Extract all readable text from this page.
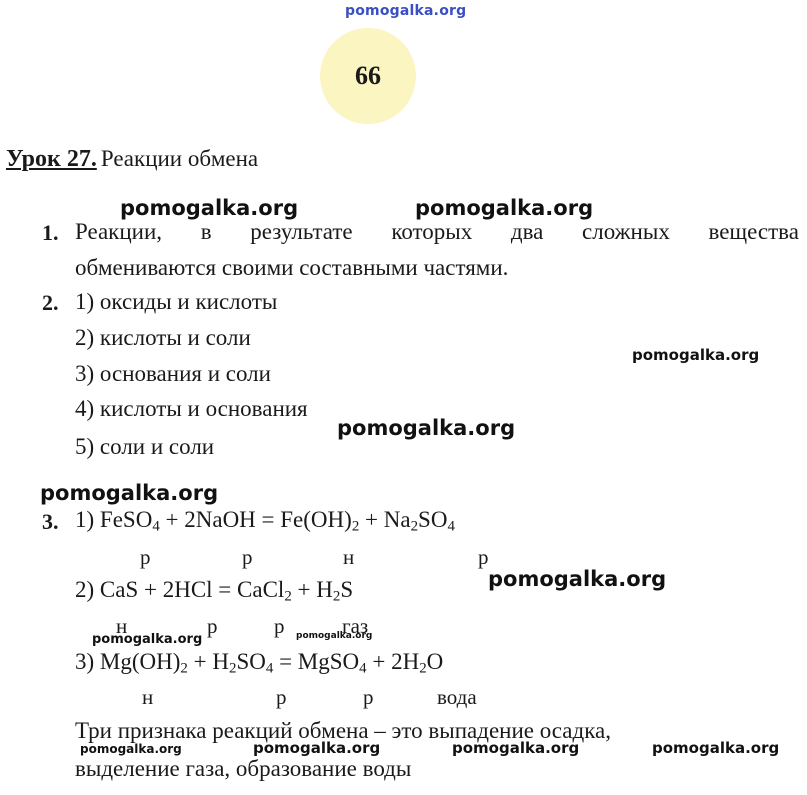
pomogalka.org
66
Урок 27. Реакции обмена
pomogalka.org	pomogalka.org
1. Реакции, в результате которых два сложных вещества
обмениваются своими составными частями.
2. 1) оксиды и кислоты
2) кислоты и соли
3) основания и соли
4) кислоты и основания
5) соли и соли
pomogalka.org
pomogalka.org
pomogalka.org
3. 1) FeSO$_4$ + 2NaOH = $Fe(OH)_2 + Na_2SO_4$
р	р	н	р
pomogalka.org
2) CaS + 2HCl = CaCl$_2$ + $H_2S$
н	р	р	газ
pomogalka.org	pomogalka.org
3) $Mg(OH)_2 + H_2SO_4$ = MgSO$_4$ + $2H_2O$
н	р	р	вода
Три признака реакций обмена – это выпадение осадка,
pomogalka.org	pomogalka.org	pomogalka.org	pomogalka.org
выделение газа, образование воды
